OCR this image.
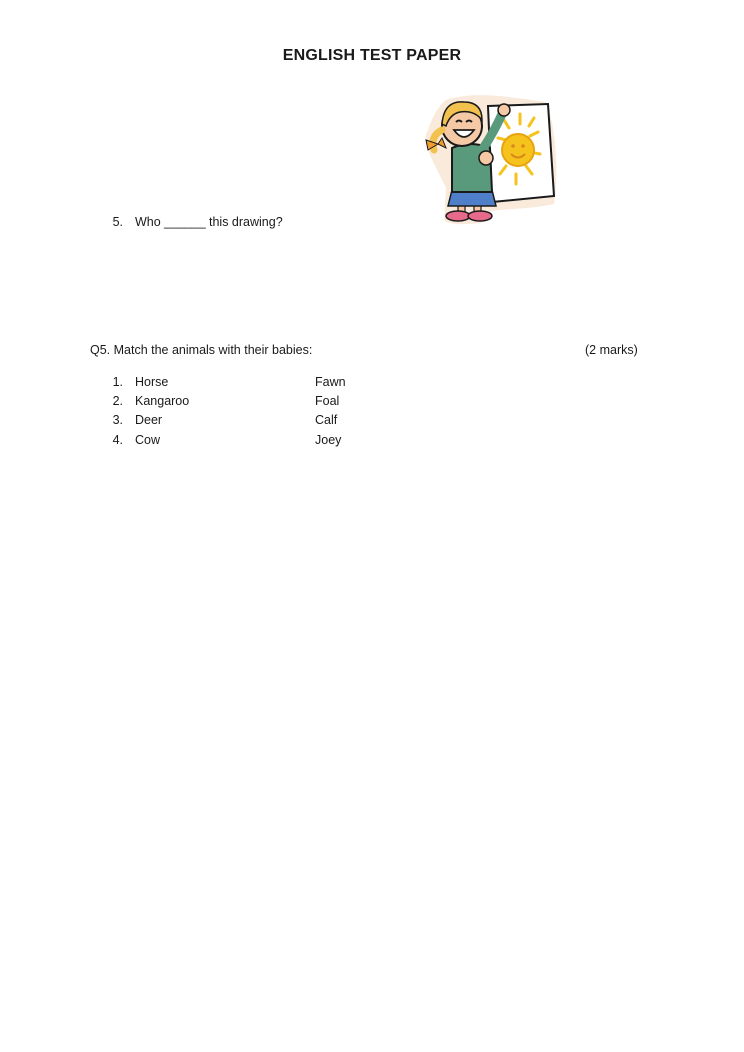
ENGLISH TEST PAPER
5. Who ______ this drawing?
Q5. Match the animals with their babies:	(2 marks)
1. Horse	Fawn
2. Kangaroo	Foal
3. Deer	Calf
4. Cow	Joey
